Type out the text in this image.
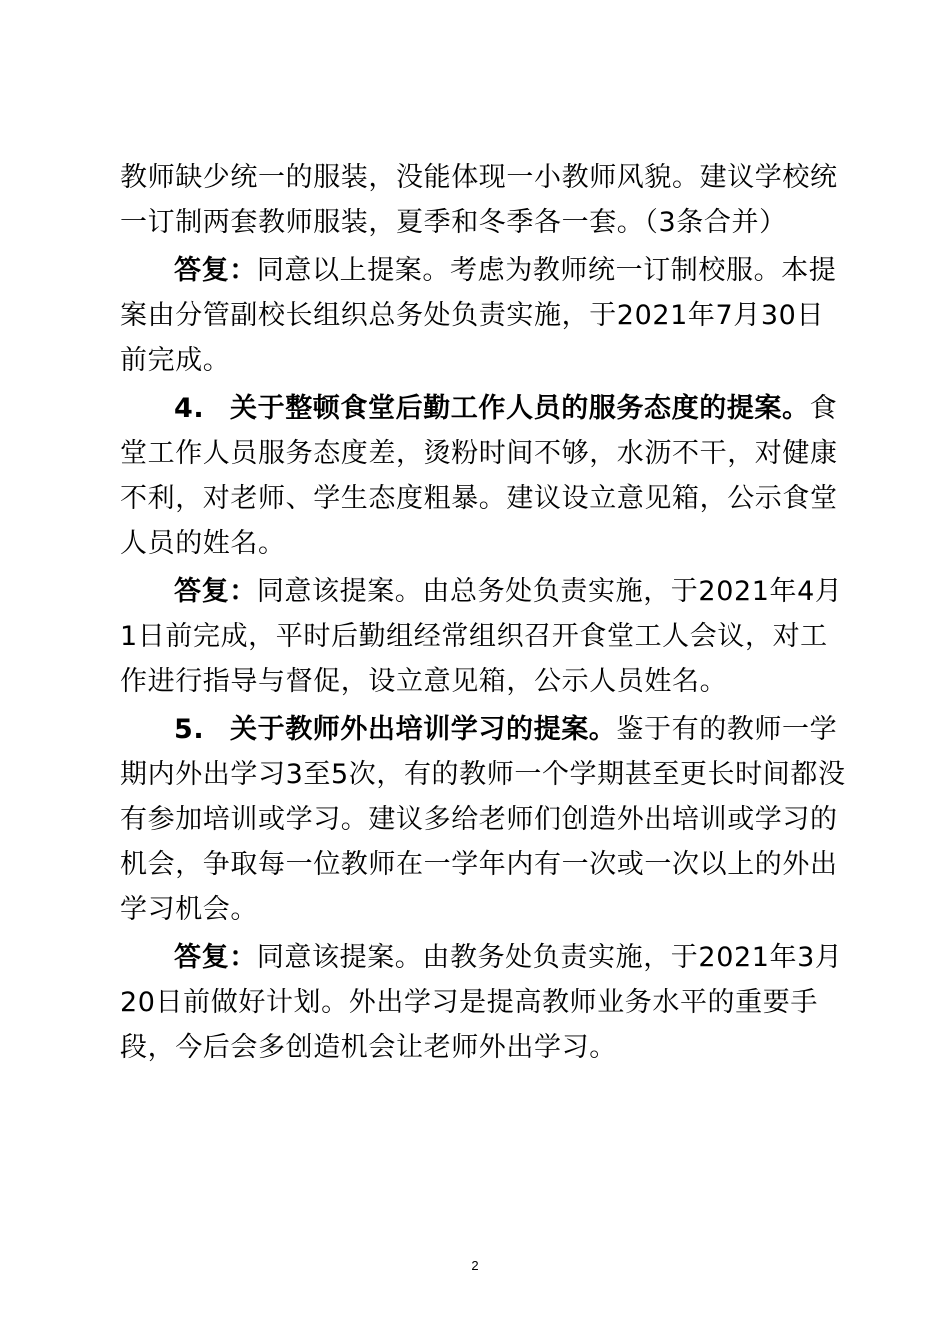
教师缺少统一的服装，没能体现一小教师风貌。建议学校统一订制两套教师服装，夏季和冬季各一套。（3条合并）

答复：同意以上提案。考虑为教师统一订制校服。本提案由分管副校长组织总务处负责实施，于2021年7月30日前完成。

4. 关于整顿食堂后勤工作人员的服务态度的提案。食堂工作人员服务态度差，烫粉时间不够，水沥不干，对健康不利，对老师、学生态度粗暴。建议设立意见箱，公示食堂人员的姓名。

答复：同意该提案。由总务处负责实施，于2021年4月1日前完成，平时后勤组经常组织召开食堂工人会议，对工作进行指导与督促，设立意见箱，公示人员姓名。

5. 关于教师外出培训学习的提案。鉴于有的教师一学期内外出学习3至5次，有的教师一个学期甚至更长时间都没有参加培训或学习。建议多给老师们创造外出培训或学习的机会，争取每一位教师在一学年内有一次或一次以上的外出学习机会。

答复：同意该提案。由教务处负责实施，于2021年3月20日前做好计划。外出学习是提高教师业务水平的重要手段，今后会多创造机会让老师外出学习。

2
